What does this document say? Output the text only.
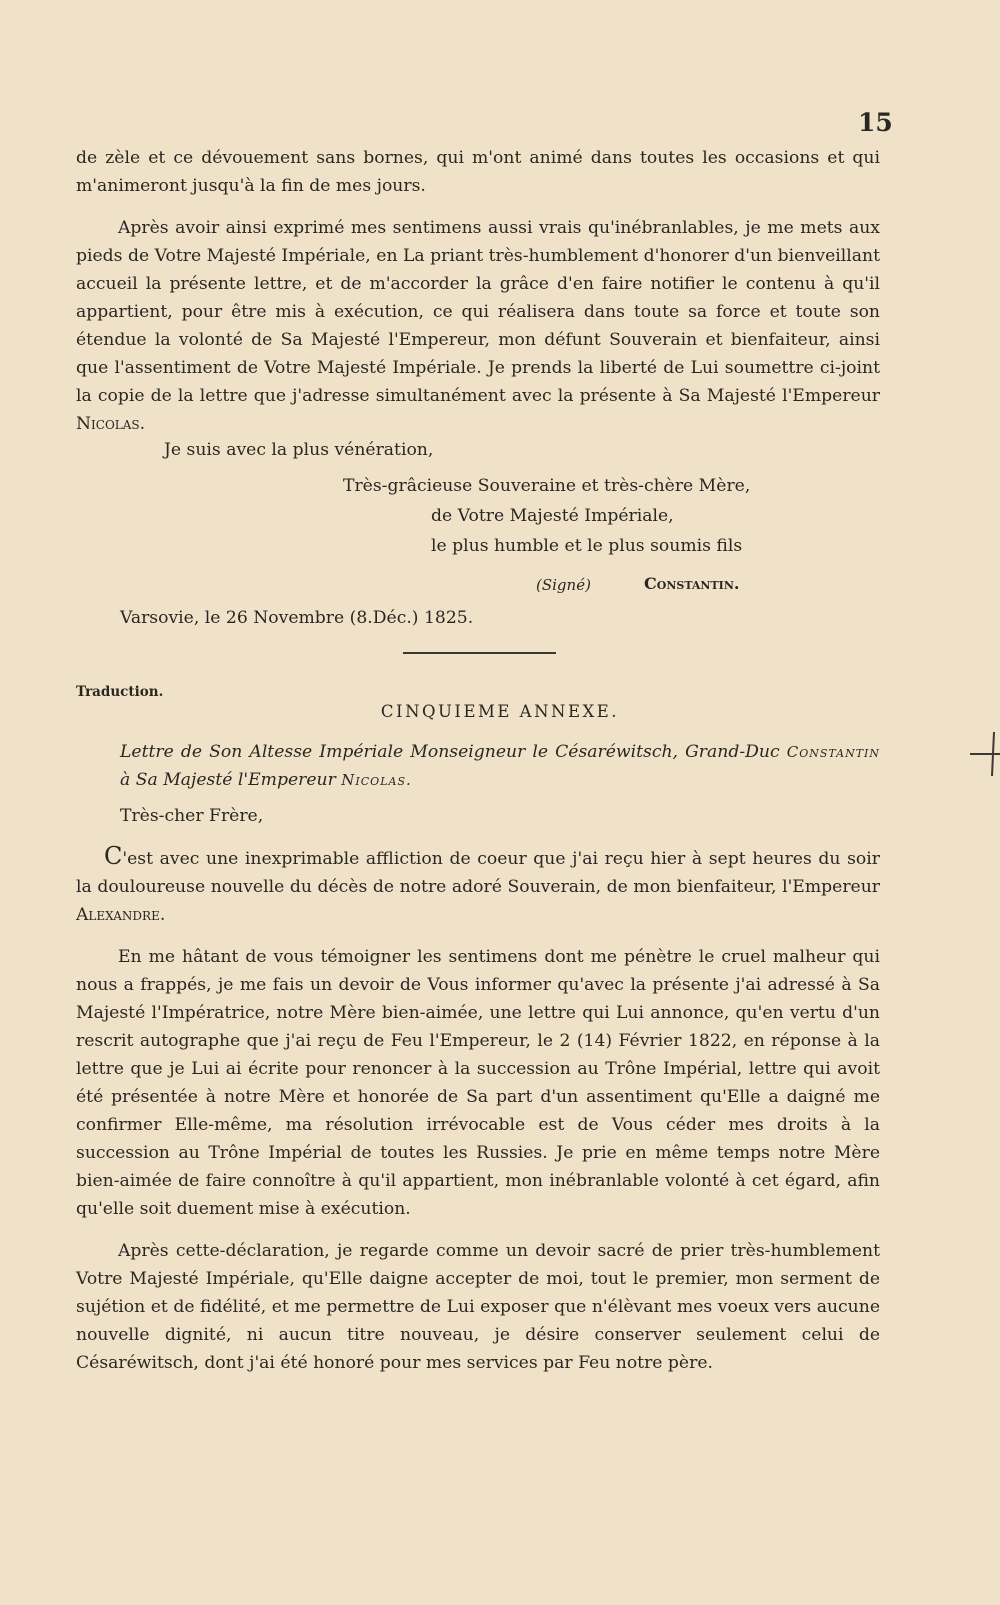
15

de zèle et ce dévouement sans bornes, qui m'ont animé dans toutes les occasions et qui m'animeront jusqu'à la fin de mes jours.

Après avoir ainsi exprimé mes sentimens aussi vrais qu'inébranlables, je me mets aux pieds de Votre Majesté Impériale, en La priant très-humblement d'honorer d'un bienveillant accueil la présente lettre, et de m'accorder la grâce d'en faire notifier le contenu à qu'il appartient, pour être mis à exécution, ce qui réalisera dans toute sa force et toute son étendue la volonté de Sa Majesté l'Empereur, mon défunt Souverain et bienfaiteur, ainsi que l'assentiment de Votre Majesté Impériale. Je prends la liberté de Lui soumettre ci-joint la copie de la lettre que j'adresse simultanément avec la présente à Sa Majesté l'Empereur Nicolas.

Je suis avec la plus vénération,
Très-grâcieuse Souveraine et très-chère Mère,
de Votre Majesté Impériale,
le plus humble et le plus soumis fils
(Signé)	Constantin.
Varsovie, le 26 Novembre (8.Déc.) 1825.
Traduction.
CINQUIEME ANNEXE.

Lettre de Son Altesse Impériale Monseigneur le Césaréwitsch, Grand-Duc Constantin à Sa Majesté l'Empereur Nicolas.

Très-cher Frère,

C'est avec une inexprimable affliction de coeur que j'ai reçu hier à sept heures du soir la douloureuse nouvelle du décès de notre adoré Souverain, de mon bienfaiteur, l'Empereur Alexandre.

En me hâtant de vous témoigner les sentimens dont me pénètre le cruel malheur qui nous a frappés, je me fais un devoir de Vous informer qu'avec la présente j'ai adressé à Sa Majesté l'Impératrice, notre Mère bien-aimée, une lettre qui Lui annonce, qu'en vertu d'un rescrit autographe que j'ai reçu de Feu l'Empereur, le 2 (14) Février 1822, en réponse à la lettre que je Lui ai écrite pour renoncer à la succession au Trône Impérial, lettre qui avoit été présentée à notre Mère et honorée de Sa part d'un assentiment qu'Elle a daigné me confirmer Elle-même, ma résolution irrévocable est de Vous céder mes droits à la succession au Trône Impérial de toutes les Russies. Je prie en même temps notre Mère bien-aimée de faire connoître à qu'il appartient, mon inébranlable volonté à cet égard, afin qu'elle soit duement mise à exécution.

Après cette-déclaration, je regarde comme un devoir sacré de prier très-humblement Votre Majesté Impériale, qu'Elle daigne accepter de moi, tout le premier, mon serment de sujétion et de fidélité, et me permettre de Lui exposer que n'élèvant mes voeux vers aucune nouvelle dignité, ni aucun titre nouveau, je désire conserver seulement celui de Césaréwitsch, dont j'ai été honoré pour mes services par Feu notre père.
